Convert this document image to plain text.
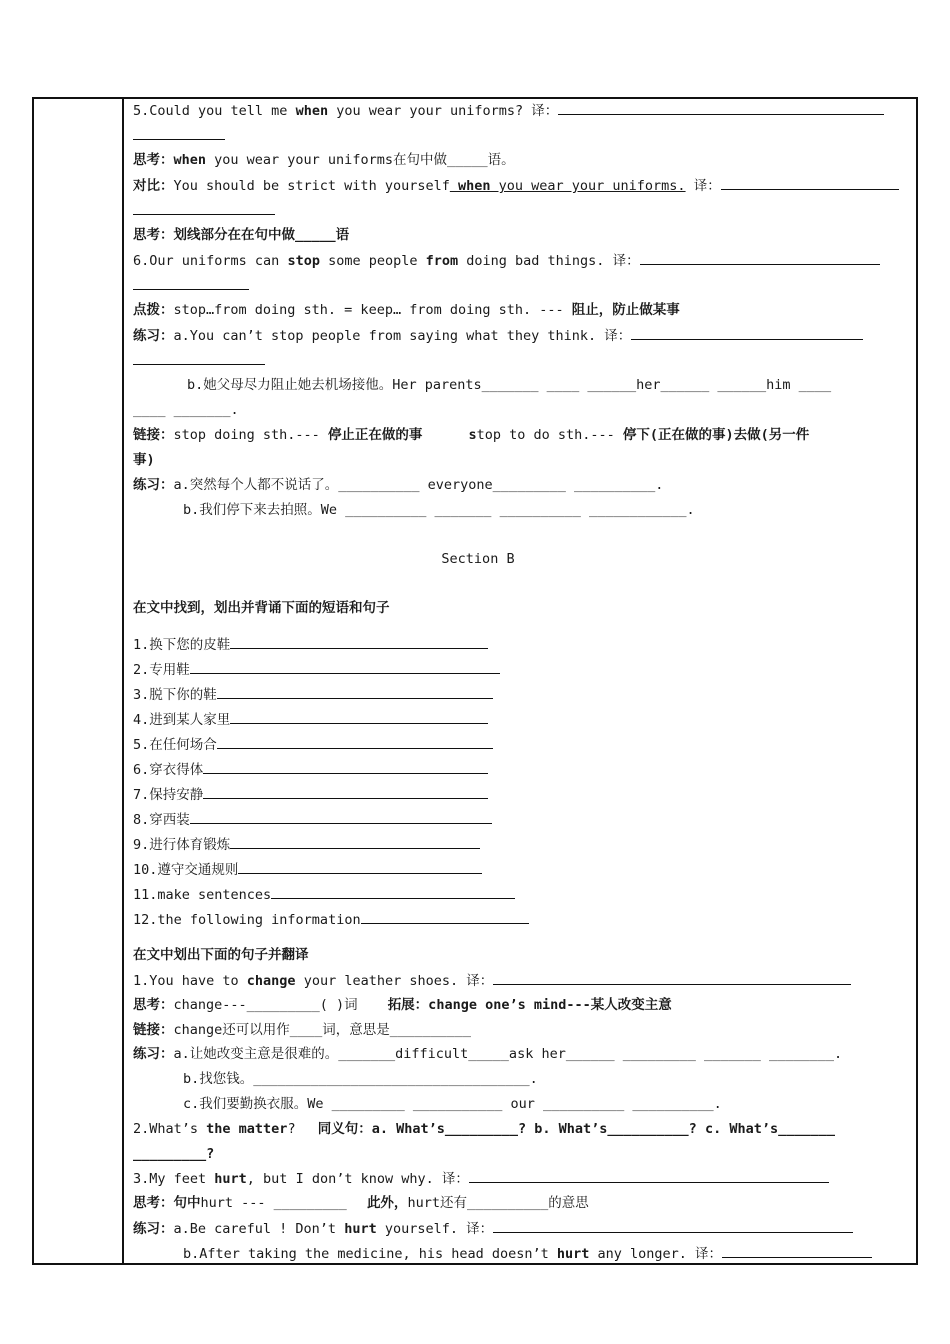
5.Could you tell me when you wear your uniforms? 译：
思考：when you wear your uniforms在句中做_____语。
对比：You should be strict with yourself when you wear your uniforms. 译：
思考：划线部分在在句中做_____语
6.Our uniforms can stop some people from doing bad things. 译：
点拨：stop…from doing sth. = keep… from doing sth. --- 阻止，防止做某事
练习：a.You can’t stop people from saying what they think. 译：
b.她父母尽力阻止她去机场接他。Her parents_______ ____ ______her______ ______him ____
____ _______.
链接：stop doing sth.--- 停止正在做的事	stop to do sth.--- 停下(正在做的事)去做(另一件
事)
练习：a.突然每个人都不说话了。__________ everyone_________ __________.
b.我们停下来去拍照。We __________ _______ __________ ____________.
Section B
在文中找到，划出并背诵下面的短语和句子
1.换下您的皮鞋
2.专用鞋
3.脱下你的鞋
4.进到某人家里
5.在任何场合
6.穿衣得体
7.保持安静
8.穿西装
9.进行体育锻炼
10.遵守交通规则
11.make sentences
12.the following information
在文中划出下面的句子并翻译
1.You have to change your leather shoes. 译：
思考：change---_________( )词 拓展：change one’s mind---某人改变主意
链接：change还可以用作____词，意思是__________
练习：a.让她改变主意是很难的。_______difficult_____ask her______ _________ _______ ________.
b.找您钱。__________________________________.
c.我们要勤换衣服。We _________ ___________ our __________ __________.
2.What’s the matter? 同义句：a. What’s_________? b. What’s__________? c. What’s_______
_________?
3.My feet hurt, but I don’t know why. 译：
思考：句中hurt --- _________ 此外，hurt还有__________的意思
练习：a.Be careful ! Don’t hurt yourself. 译：
b.After taking the medicine, his head doesn’t hurt any longer. 译：
